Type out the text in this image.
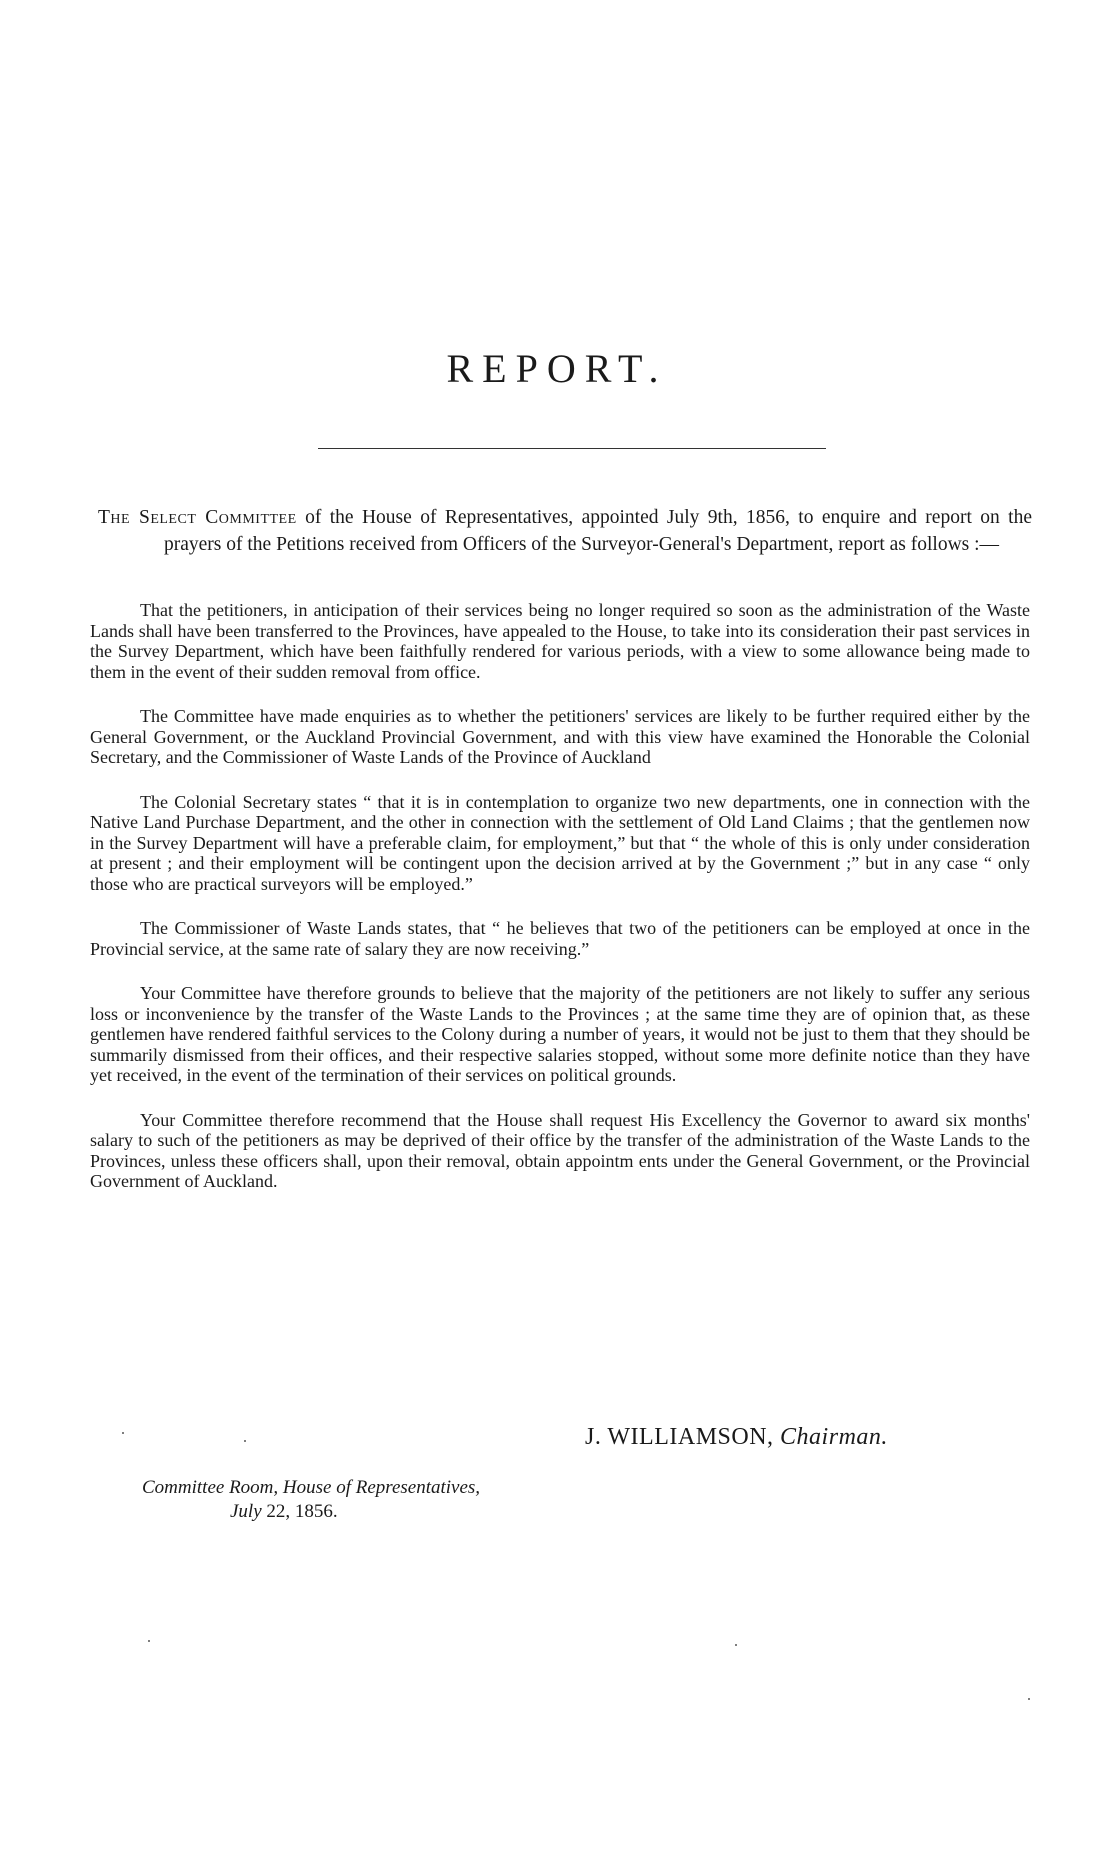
REPORT.
The Select Committee of the House of Representatives, appointed July 9th, 1856, to enquire and report on the prayers of the Petitions received from Officers of the Surveyor-General's Department, report as follows :—

That the petitioners, in anticipation of their services being no longer required so soon as the administration of the Waste Lands shall have been transferred to the Provinces, have appealed to the House, to take into its consideration their past services in the Survey Department, which have been faithfully rendered for various periods, with a view to some allowance being made to them in the event of their sudden removal from office.

The Committee have made enquiries as to whether the petitioners' services are likely to be further required either by the General Government, or the Auckland Provincial Government, and with this view have examined the Honorable the Colonial Secretary, and the Commissioner of Waste Lands of the Province of Auckland

The Colonial Secretary states “ that it is in contemplation to organize two new departments, one in connection with the Native Land Purchase Department, and the other in connection with the settlement of Old Land Claims ; that the gentlemen now in the Survey Department will have a preferable claim, for employment,” but that “ the whole of this is only under consideration at present ; and their employment will be contingent upon the decision arrived at by the Government ;” but in any case “ only those who are practical surveyors will be employed.”

The Commissioner of Waste Lands states, that “ he believes that two of the petitioners can be employed at once in the Provincial service, at the same rate of salary they are now receiving.”

Your Committee have therefore grounds to believe that the majority of the petitioners are not likely to suffer any serious loss or inconvenience by the transfer of the Waste Lands to the Provinces ; at the same time they are of opinion that, as these gentlemen have rendered faithful services to the Colony during a number of years, it would not be just to them that they should be summarily dismissed from their offices, and their respective salaries stopped, without some more definite notice than they have yet received, in the event of the termination of their services on political grounds.

Your Committee therefore recommend that the House shall request His Excellency the Governor to award six months' salary to such of the petitioners as may be deprived of their office by the transfer of the administration of the Waste Lands to the Provinces, unless these officers shall, upon their removal, obtain appointm ents under the General Government, or the Provincial Government of Auckland.

J. WILLIAMSON, Chairman.
Committee Room, House of Representatives,
July 22, 1856.
